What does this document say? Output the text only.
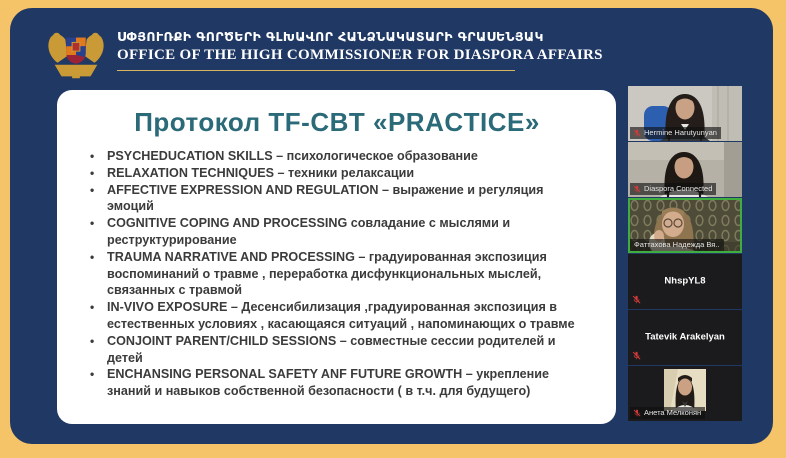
ՍՓՅՈՒՌՔԻ ԳՈՐԾԵՐԻ ԳԼԽԱՎՈՐ ՀԱՆՁՆԱԿԱՏԱՐԻ ԳՐԱՍԵՆՅԱԿ
OFFICE OF THE HIGH COMMISSIONER FOR DIASPORA AFFAIRS
Протокол TF-CBT «PRACTICE»
• PSYCHEDUCATION SKILLS – психологическое образование
• RELAXATION TECHNIQUES – техники релаксации
• AFFECTIVE EXPRESSION AND REGULATION – выражение и регуляция эмоций
• COGNITIVE COPING AND PROCESSING совладание с мыслями и реструктурирование
• TRAUMA NARRATIVE AND PROCESSING – градуированная экспозиция воспоминаний о травме , переработка дисфункциональных мыслей, связанных с травмой
• IN-VIVO EXPOSURE – Десенсибилизация ,градуированная экспозиция в естественных условиях , касающаяся ситуаций , напоминающих о травме
• CONJOINT PARENT/CHILD SESSIONS – совместные сессии родителей и детей
• ENCHANSING PERSONAL SAFETY ANF FUTURE GROWTH – укрепление знаний и навыков собственной безопасности ( в т.ч. для будущего)
Hermine Harutyunyan
Diaspora Connected
Фаттахова Надежда Вя..
NhspYL8
Tatevik Arakelyan
Анета Мелконян
